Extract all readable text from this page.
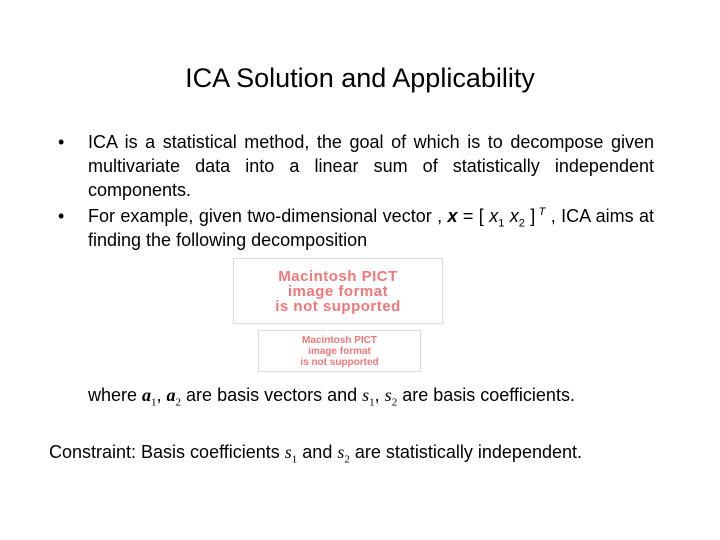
ICA Solution and Applicability
• ICA is a statistical method, the goal of which is to decompose given multivariate data into a linear sum of statistically independent components.
• For example, given two-dimensional vector , x = [ $x_1$ $x_2$ ] $^T$ , ICA aims at finding the following decomposition
Macintosh PICT
image format
is not supported
Macintosh PICT
image format
is not supported
where $a_1$, $a_2$ are basis vectors and $s_1$, $s_2$ are basis coefficients.
Constraint: Basis coefficients $s_1$ and $s_2$ are statistically independent.
